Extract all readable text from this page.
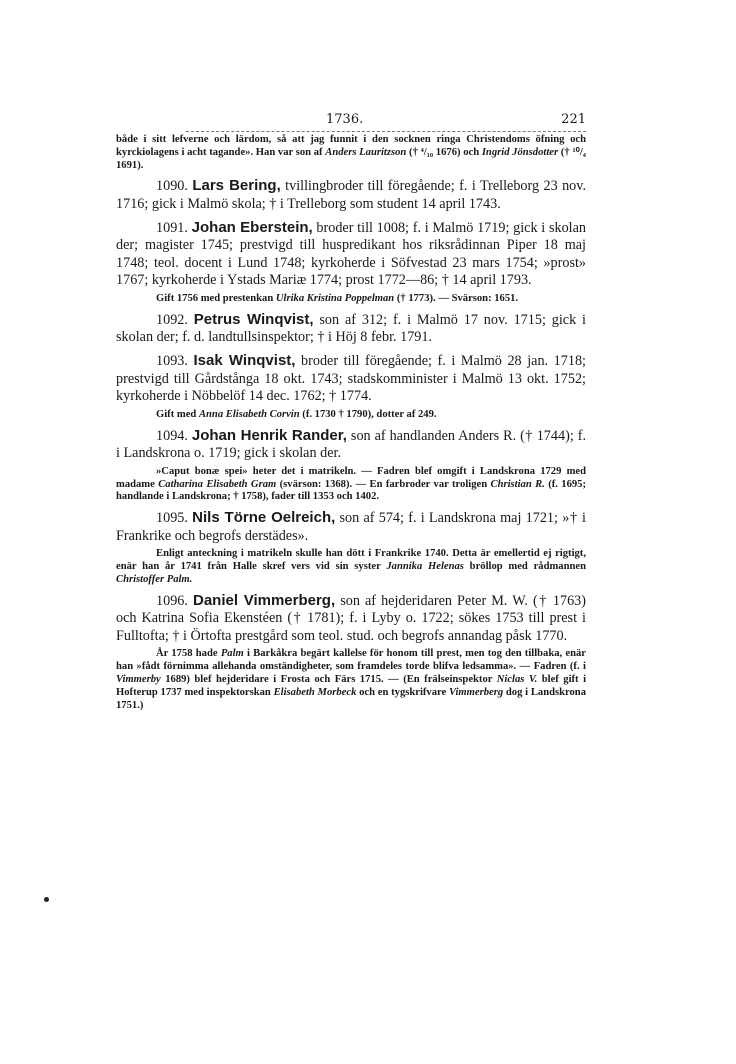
1736.	221

både i sitt lefverne och lärdom, så att jag funnit i den socknen ringa Christendoms öfning och kyrckiolagens i acht tagande». Han var son af Anders Lauritzson († ⁴/₁₀ 1676) och Ingrid Jönsdotter († ¹⁰/₄ 1691).

1090. Lars Bering, tvillingbroder till föregående; f. i Trelleborg 23 nov. 1716; gick i Malmö skola; † i Trelleborg som student 14 april 1743.

1091. Johan Eberstein, broder till 1008; f. i Malmö 1719; gick i skolan der; magister 1745; prestvigd till huspredikant hos riksrådinnan Piper 18 maj 1748; teol. docent i Lund 1748; kyrkoherde i Söfvestad 23 mars 1754; »prost» 1767; kyrkoherde i Ystads Mariæ 1774; prost 1772—86; † 14 april 1793.

Gift 1756 med prestenkan Ulrika Kristina Poppelman († 1773). — Svärson: 1651.

1092. Petrus Winqvist, son af 312; f. i Malmö 17 nov. 1715; gick i skolan der; f. d. landtullsinspektor; † i Höj 8 febr. 1791.

1093. Isak Winqvist, broder till föregående; f. i Malmö 28 jan. 1718; prestvigd till Gårdstånga 18 okt. 1743; stadskomminister i Malmö 13 okt. 1752; kyrkoherde i Nöbbelöf 14 dec. 1762; † 1774.

Gift med Anna Elisabeth Corvin (f. 1730 † 1790), dotter af 249.

1094. Johan Henrik Rander, son af handlanden Anders R. († 1744); f. i Landskrona o. 1719; gick i skolan der.

»Caput bonæ spei» heter det i matrikeln. — Fadren blef omgift i Landskrona 1729 med madame Catharina Elisabeth Gram (svärson: 1368). — En farbroder var troligen Christian R. (f. 1695; handlande i Landskrona; † 1758), fader till 1353 och 1402.

1095. Nils Törne Oelreich, son af 574; f. i Landskrona maj 1721; »† i Frankrike och begrofs derstädes».

Enligt anteckning i matrikeln skulle han dött i Frankrike 1740. Detta är emellertid ej rigtigt, enär han år 1741 från Halle skref vers vid sin syster Jannika Helenas bröllop med rådmannen Christoffer Palm.

1096. Daniel Vimmerberg, son af hejderidaren Peter M. W. († 1763) och Katrina Sofia Ekenstéen († 1781); f. i Lyby o. 1722; sökes 1753 till prest i Fulltofta; † i Örtofta prestgård som teol. stud. och begrofs annandag påsk 1770.

År 1758 hade Palm i Barkåkra begärt kallelse för honom till prest, men tog den tillbaka, enär han »fådt förnimma allehanda omständigheter, som framdeles torde blifva ledsamma». — Fadren (f. i Vimmerby 1689) blef hejderidare i Frosta och Färs 1715. — (En frälseinspektor Niclas V. blef gift i Hofterup 1737 med inspektorskan Elisabeth Morbeck och en tygskrifvare Vimmerberg dog i Landskrona 1751.)
